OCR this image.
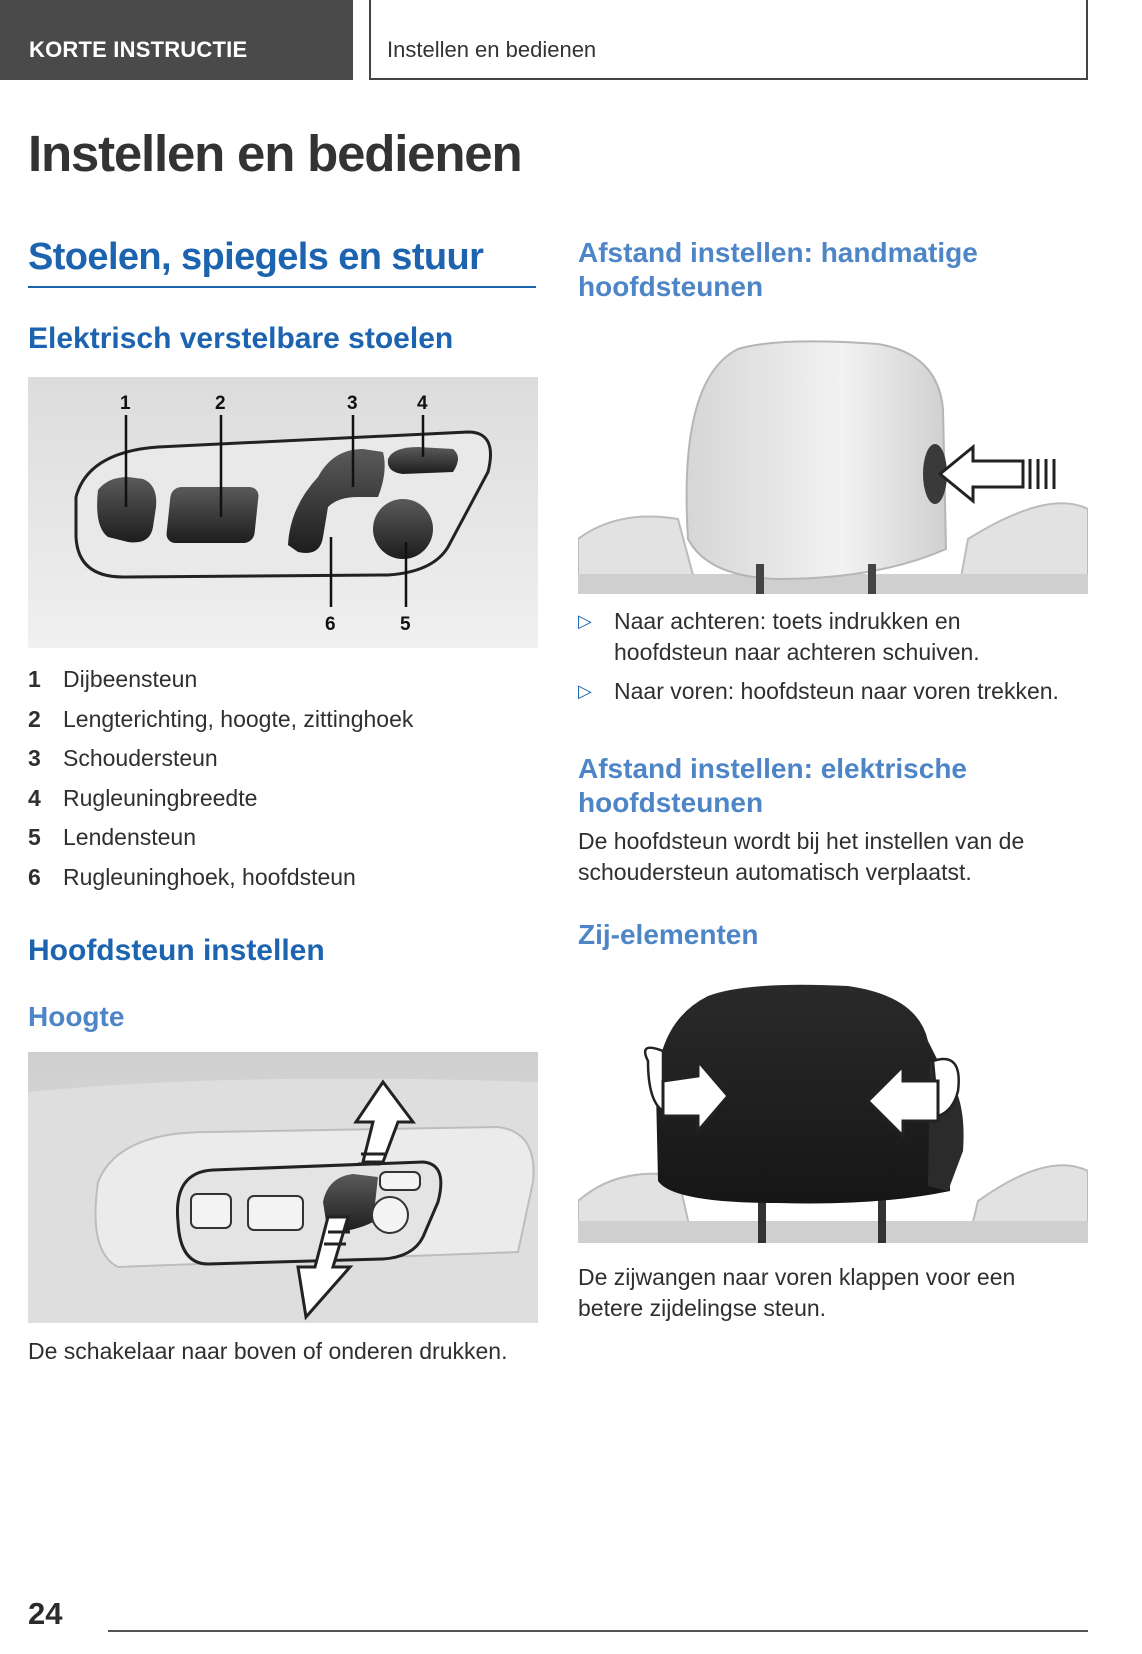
KORTE INSTRUCTIE	Instellen en bedienen
Instellen en bedienen
Stoelen, spiegels en stuur
Elektrisch verstelbare stoelen
1	2	3	4
6	5
1 Dijbeensteun
2 Lengterichting, hoogte, zittinghoek
3 Schoudersteun
4 Rugleuningbreedte
5 Lendensteun
6 Rugleuninghoek, hoofdsteun
Hoofdsteun instellen
Hoogte

De schakelaar naar boven of onderen drukken.

Afstand instellen: handmatige hoofdsteunen
▷ Naar achteren: toets indrukken en hoofdsteun naar achteren schuiven.
▷ Naar voren: hoofdsteun naar voren trekken.
Afstand instellen: elektrische hoofdsteunen

De hoofdsteun wordt bij het instellen van de schoudersteun automatisch verplaatst.

Zij-elementen

De zijwangen naar voren klappen voor een betere zijdelingse steun.

24
